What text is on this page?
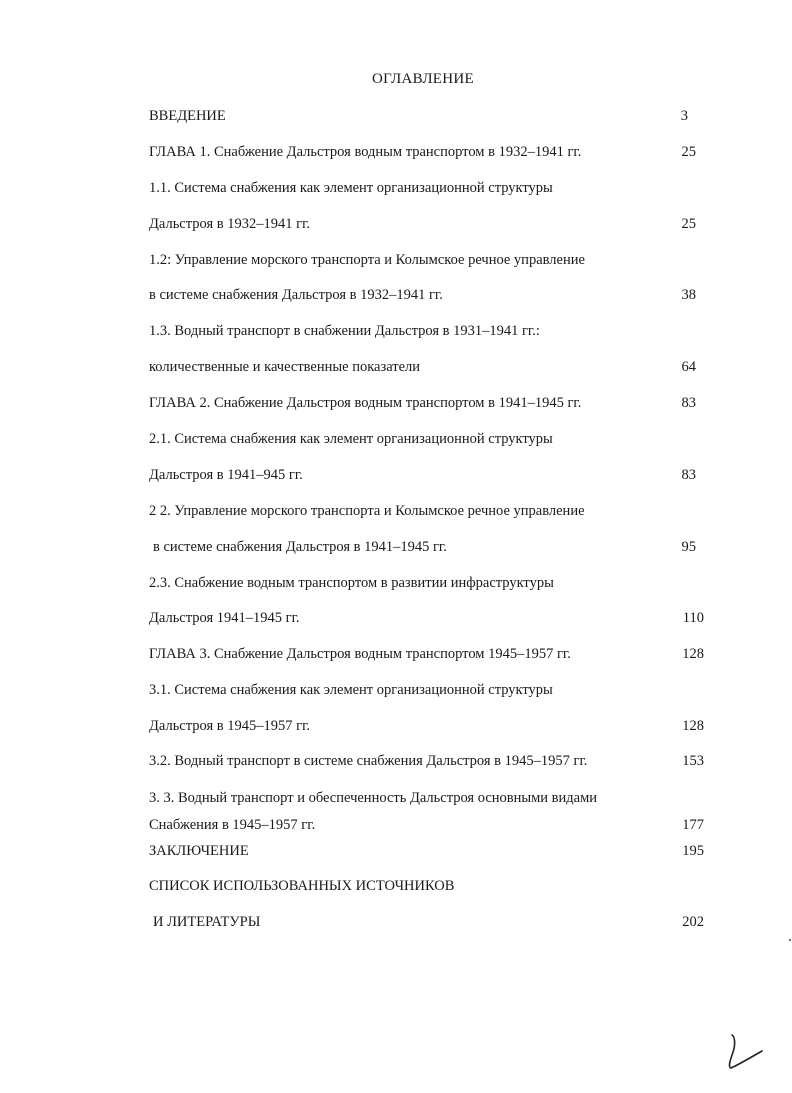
ОГЛАВЛЕНИЕ
ВВЕДЕНИЕ	3
ГЛАВА 1. Снабжение Дальстроя водным транспортом в 1932–1941 гг.	25
1.1. Система снабжения как элемент организационной структуры
Дальстроя в 1932–1941 гг.	25
1.2: Управление морского транспорта и Колымское речное управление
в системе снабжения Дальстроя в 1932–1941 гг.	38
1.3. Водный транспорт в снабжении Дальстроя в 1931–1941 гг.:
количественные и качественные показатели	64
ГЛАВА 2. Снабжение Дальстроя водным транспортом в 1941–1945 гг.	83
2.1. Система снабжения как элемент организационной структуры
Дальстроя в 1941–945 гг.	83
2 2. Управление морского транспорта и Колымское речное управление
в системе снабжения Дальстроя в 1941–1945 гг.	95
2.3. Снабжение водным транспортом в развитии инфраструктуры
Дальстроя 1941–1945 гг.	110
ГЛАВА 3. Снабжение Дальстроя водным транспортом 1945–1957 гг.	128
3.1. Система снабжения как элемент организационной структуры
Дальстроя в 1945–1957 гг.	128
3.2. Водный транспорт в системе снабжения Дальстроя в 1945–1957 гг.	153
3. 3. Водный транспорт и обеспеченность Дальстроя основными видами
Снабжения в 1945–1957 гг.	177
ЗАКЛЮЧЕНИЕ	195
СПИСОК ИСПОЛЬЗОВАННЫХ ИСТОЧНИКОВ
И ЛИТЕРАТУРЫ	202
